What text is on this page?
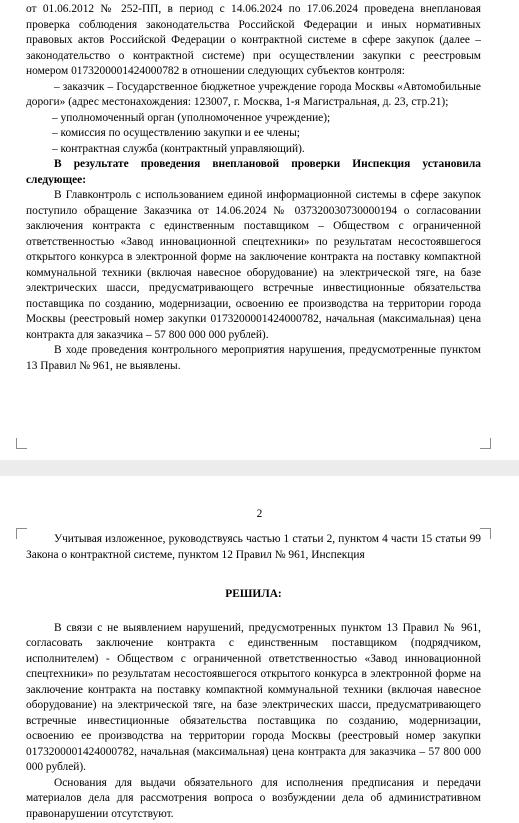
от 01.06.2012 № 252-ПП, в период с 14.06.2024 по 17.06.2024 проведена внеплановая проверка соблюдения законодательства Российской Федерации и иных нормативных правовых актов Российской Федерации о контрактной системе в сфере закупок (далее – законодательство о контрактной системе) при осуществлении закупки с реестровым номером 0173200001424000782 в отношении следующих субъектов контроля:

– заказчик – Государственное бюджетное учреждение города Москвы «Автомобильные дороги» (адрес местонахождения: 123007, г. Москва, 1-я Магистральная, д. 23, стр.21);

– уполномоченный орган (уполномоченное учреждение);

– комиссия по осуществлению закупки и ее члены;

– контрактная служба (контрактный управляющий).

В результате проведения внеплановой проверки Инспекция установила следующее:

В Главконтроль с использованием единой информационной системы в сфере закупок поступило обращение Заказчика от 14.06.2024 № 037320030730000194 о согласовании заключения контракта с единственным поставщиком – Обществом с ограниченной ответственностью «Завод инновационной спецтехники» по результатам несостоявшегося открытого конкурса в электронной форме на заключение контракта на поставку компактной коммунальной техники (включая навесное оборудование) на электрической тяге, на базе электрических шасси, предусматривающего встречные инвестиционные обязательства поставщика по созданию, модернизации, освоению ее производства на территории города Москвы (реестровый номер закупки 0173200001424000782, начальная (максимальная) цена контракта для заказчика – 57 800 000 000 рублей).

В ходе проведения контрольного мероприятия нарушения, предусмотренные пунктом 13 Правил № 961, не выявлены.

2

Учитывая изложенное, руководствуясь частью 1 статьи 2, пунктом 4 части 15 статьи 99 Закона о контрактной системе, пунктом 12 Правил № 961, Инспекция

РЕШИЛА:

В связи с не выявлением нарушений, предусмотренных пунктом 13 Правил № 961, согласовать заключение контракта с единственным поставщиком (подрядчиком, исполнителем) - Обществом с ограниченной ответственностью «Завод инновационной спецтехники» по результатам несостоявшегося открытого конкурса в электронной форме на заключение контракта на поставку компактной коммунальной техники (включая навесное оборудование) на электрической тяге, на базе электрических шасси, предусматривающего встречные инвестиционные обязательства поставщика по созданию, модернизации, освоению ее производства на территории города Москвы (реестровый номер закупки 0173200001424000782, начальная (максимальная) цена контракта для заказчика – 57 800 000 000 рублей).

Основания для выдачи обязательного для исполнения предписания и передачи материалов дела для рассмотрения вопроса о возбуждении дела об административном правонарушении отсутствуют.
